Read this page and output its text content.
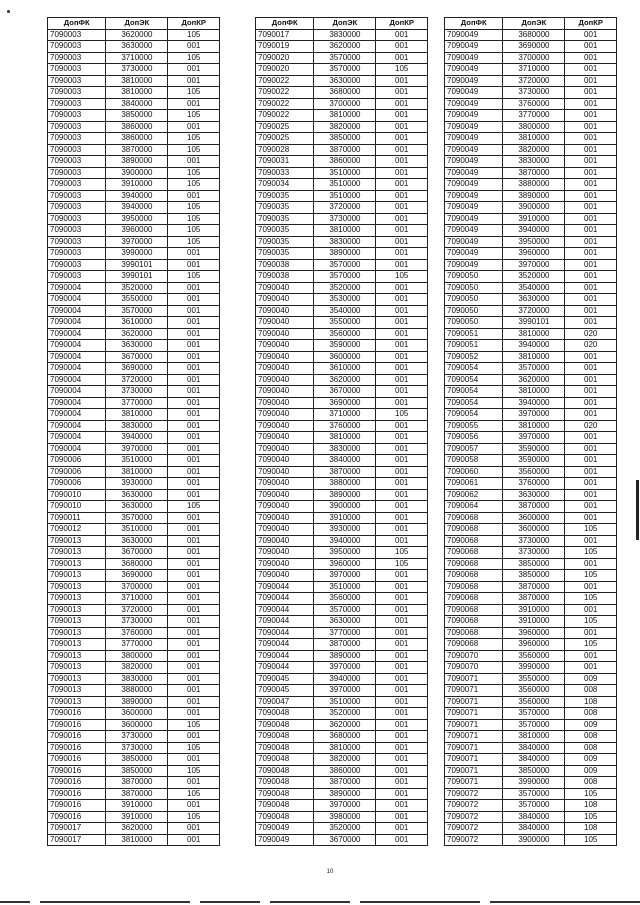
ДопФК	ДопЭК	ДопКР
7090003	3620000	105
7090003	3630000	001
7090003	3710000	105
7090003	3730000	001
7090003	3810000	001
7090003	3810000	105
7090003	3840000	001
7090003	3850000	105
7090003	3860000	001
7090003	3860000	105
7090003	3870000	105
7090003	3890000	001
7090003	3900000	105
7090003	3910000	105
7090003	3940000	001
7090003	3940000	105
7090003	3950000	105
7090003	3960000	105
7090003	3970000	105
7090003	3990000	001
7090003	3990101	001
7090003	3990101	105
7090004	3520000	001
7090004	3550000	001
7090004	3570000	001
7090004	3610000	001
7090004	3620000	001
7090004	3630000	001
7090004	3670000	001
7090004	3690000	001
7090004	3720000	001
7090004	3730000	001
7090004	3770000	001
7090004	3810000	001
7090004	3830000	001
7090004	3940000	001
7090004	3970000	001
7090006	3510000	001
7090006	3810000	001
7090006	3930000	001
7090010	3630000	001
7090010	3630000	105
7090011	3570000	001
7090012	3510000	001
7090013	3630000	001
7090013	3670000	001
7090013	3680000	001
7090013	3690000	001
7090013	3700000	001
7090013	3710000	001
7090013	3720000	001
7090013	3730000	001
7090013	3760000	001
7090013	3770000	001
7090013	3800000	001
7090013	3820000	001
7090013	3830000	001
7090013	3880000	001
7090013	3890000	001
7090016	3600000	001
7090016	3600000	105
7090016	3730000	001
7090016	3730000	105
7090016	3850000	001
7090016	3850000	105
7090016	3870000	001
7090016	3870000	105
7090016	3910000	001
7090016	3910000	105
7090017	3620000	001
7090017	3810000	001
ДопФК	ДопЭК	ДопКР
7090017	3830000	001
7090019	3620000	001
7090020	3570000	001
7090020	3570000	105
7090022	3630000	001
7090022	3680000	001
7090022	3700000	001
7090022	3810000	001
7090025	3820000	001
7090025	3850000	001
7090028	3870000	001
7090031	3860000	001
7090033	3510000	001
7090034	3510000	001
7090035	3510000	001
7090035	3720000	001
7090035	3730000	001
7090035	3810000	001
7090035	3830000	001
7090035	3890000	001
7090038	3570000	001
7090038	3570000	105
7090040	3520000	001
7090040	3530000	001
7090040	3540000	001
7090040	3550000	001
7090040	3560000	001
7090040	3590000	001
7090040	3600000	001
7090040	3610000	001
7090040	3620000	001
7090040	3670000	001
7090040	3690000	001
7090040	3710000	105
7090040	3760000	001
7090040	3810000	001
7090040	3830000	001
7090040	3840000	001
7090040	3870000	001
7090040	3880000	001
7090040	3890000	001
7090040	3900000	001
7090040	3910000	001
7090040	3930000	001
7090040	3940000	001
7090040	3950000	105
7090040	3960000	105
7090040	3970000	001
7090044	3510000	001
7090044	3560000	001
7090044	3570000	001
7090044	3630000	001
7090044	3770000	001
7090044	3870000	001
7090044	3890000	001
7090044	3970000	001
7090045	3940000	001
7090045	3970000	001
7090047	3510000	001
7090048	3520000	001
7090048	3620000	001
7090048	3680000	001
7090048	3810000	001
7090048	3820000	001
7090048	3860000	001
7090048	3870000	001
7090048	3890000	001
7090048	3970000	001
7090048	3980000	001
7090049	3520000	001
7090049	3670000	001
ДопФК	ДопЭК	ДопКР
7090049	3680000	001
7090049	3690000	001
7090049	3700000	001
7090049	3710000	001
7090049	3720000	001
7090049	3730000	001
7090049	3760000	001
7090049	3770000	001
7090049	3800000	001
7090049	3810000	001
7090049	3820000	001
7090049	3830000	001
7090049	3870000	001
7090049	3880000	001
7090049	3890000	001
7090049	3900000	001
7090049	3910000	001
7090049	3940000	001
7090049	3950000	001
7090049	3960000	001
7090049	3970000	001
7090050	3520000	001
7090050	3540000	001
7090050	3630000	001
7090050	3720000	001
7090050	3990101	001
7090051	3810000	020
7090051	3940000	020
7090052	3810000	001
7090054	3570000	001
7090054	3620000	001
7090054	3810000	001
7090054	3940000	001
7090054	3970000	001
7090055	3810000	020
7090056	3970000	001
7090057	3590000	001
7090058	3590000	001
7090060	3560000	001
7090061	3760000	001
7090062	3630000	001
7090064	3870000	001
7090068	3600000	001
7090068	3600000	105
7090068	3730000	001
7090068	3730000	105
7090068	3850000	001
7090068	3850000	105
7090068	3870000	001
7090068	3870000	105
7090068	3910000	001
7090068	3910000	105
7090068	3960000	001
7090068	3960000	105
7090070	3560000	001
7090070	3990000	001
7090071	3550000	009
7090071	3560000	008
7090071	3560000	108
7090071	3570000	008
7090071	3570000	009
7090071	3810000	008
7090071	3840000	008
7090071	3840000	009
7090071	3850000	009
7090071	3990000	008
7090072	3570000	105
7090072	3570000	108
7090072	3840000	105
7090072	3840000	108
7090072	3900000	105
10
